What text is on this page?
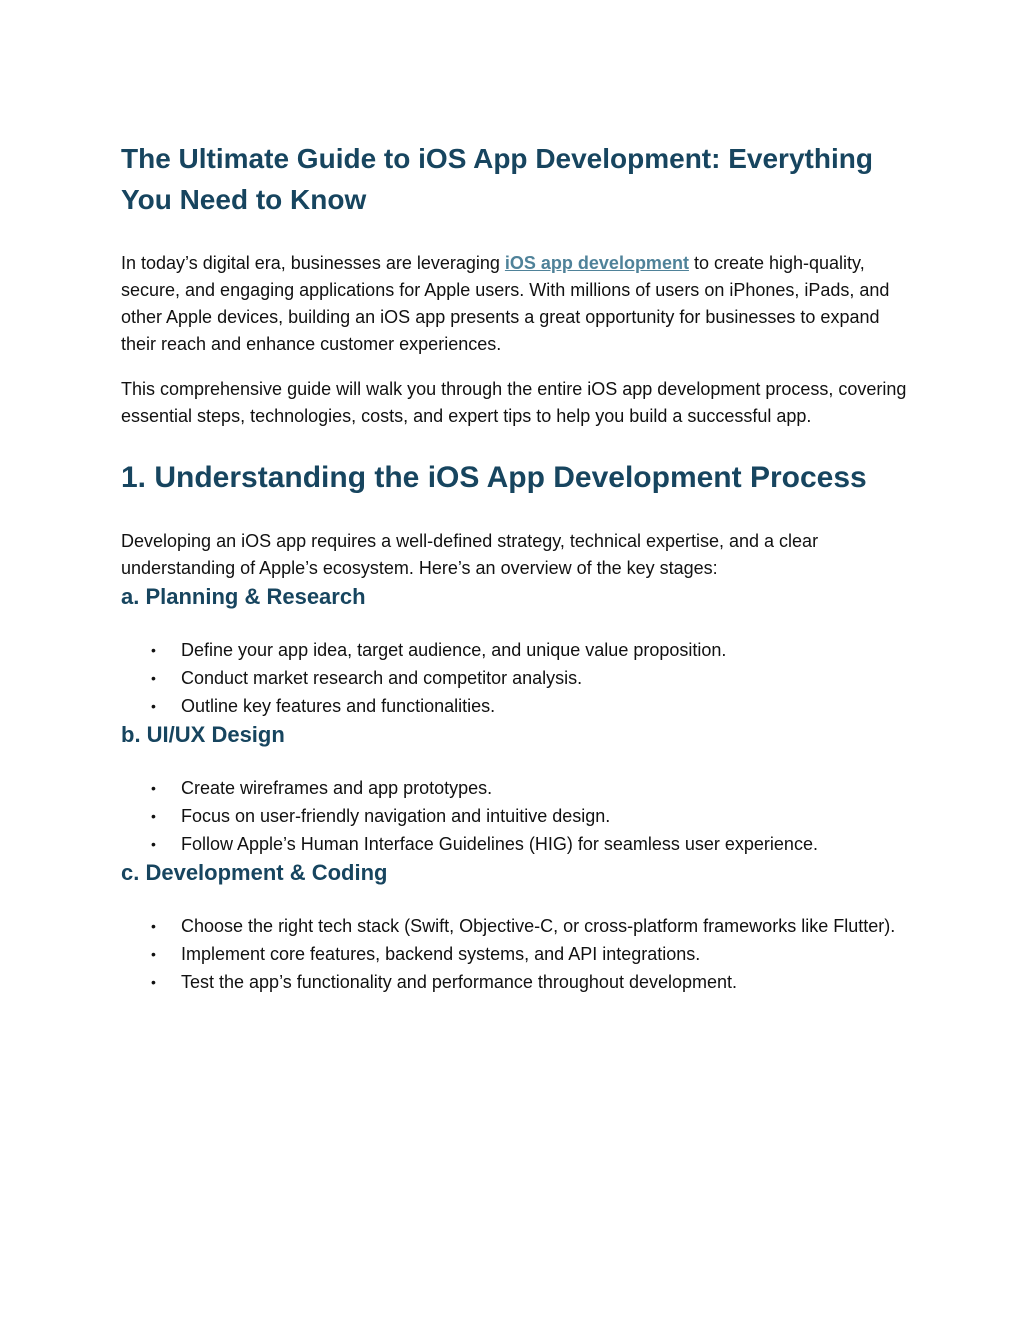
The Ultimate Guide to iOS App Development: Everything You Need to Know

In today’s digital era, businesses are leveraging iOS app development to create high-quality, secure, and engaging applications for Apple users. With millions of users on iPhones, iPads, and other Apple devices, building an iOS app presents a great opportunity for businesses to expand their reach and enhance customer experiences.

This comprehensive guide will walk you through the entire iOS app development process, covering essential steps, technologies, costs, and expert tips to help you build a successful app.

1. Understanding the iOS App Development Process

Developing an iOS app requires a well-defined strategy, technical expertise, and a clear understanding of Apple’s ecosystem. Here’s an overview of the key stages:

a. Planning & Research
• Define your app idea, target audience, and unique value proposition.
• Conduct market research and competitor analysis.
• Outline key features and functionalities.
b. UI/UX Design
• Create wireframes and app prototypes.
• Focus on user-friendly navigation and intuitive design.
• Follow Apple’s Human Interface Guidelines (HIG) for seamless user experience.
c. Development & Coding
• Choose the right tech stack (Swift, Objective-C, or cross-platform frameworks like Flutter).
• Implement core features, backend systems, and API integrations.
• Test the app’s functionality and performance throughout development.
